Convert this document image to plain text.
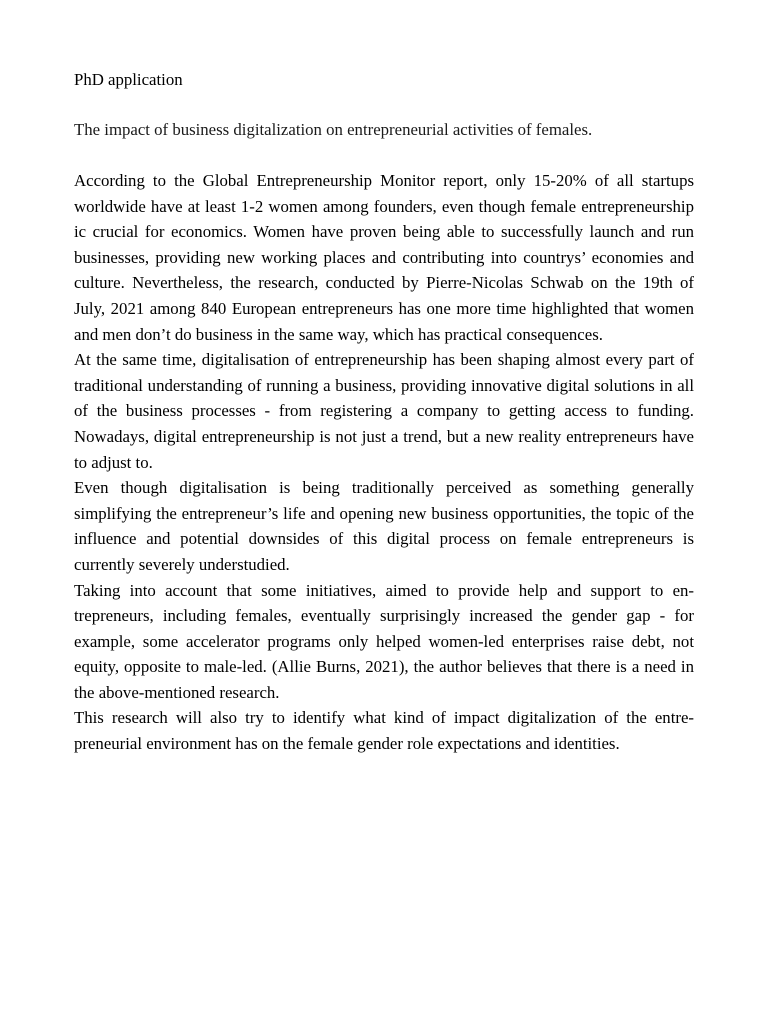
PhD application

The impact of business digitalization on entrepreneurial activities of females.

According to the Global Entrepreneurship Monitor report, only 15-20% of all startups worldwide have at least 1-2 women among founders, even though female entrepreneurship ic crucial for economics. Women have proven being able to successfully launch and run businesses, providing new working places and contributing into countrys’ economies and culture. Nevertheless, the research, conducted by Pierre-Nicolas Schwab on the 19th of July, 2021 among 840 European entrepreneurs has one more time highlighted that women and men don’t do business in the same way, which has practical consequences.

At the same time, digitalisation of entrepreneurship has been shaping almost every part of traditional understanding of running a business, providing innovative digital solutions in all of the business processes - from registering a company to getting access to funding. Nowadays, digital entrepreneurship is not just a trend, but a new reality entrepreneurs have to adjust to.

Even though digitalisation is being traditionally perceived as something generally simplifying the entrepreneur’s life and opening new business opportunities, the topic of the influence and potential downsides of this digital process on female entrepreneurs is currently severely understudied.

Taking into account that some initiatives, aimed to provide help and support to entrepreneurs, including females, eventually surprisingly increased the gender gap - for example, some accelerator programs only helped women-led enterprises raise debt, not equity, opposite to male-led. (Allie Burns, 2021), the author believes that there is a need in the above-mentioned research.

This research will also try to identify what kind of impact digitalization of the entrepreneurial environment has on the female gender role expectations and identities.
